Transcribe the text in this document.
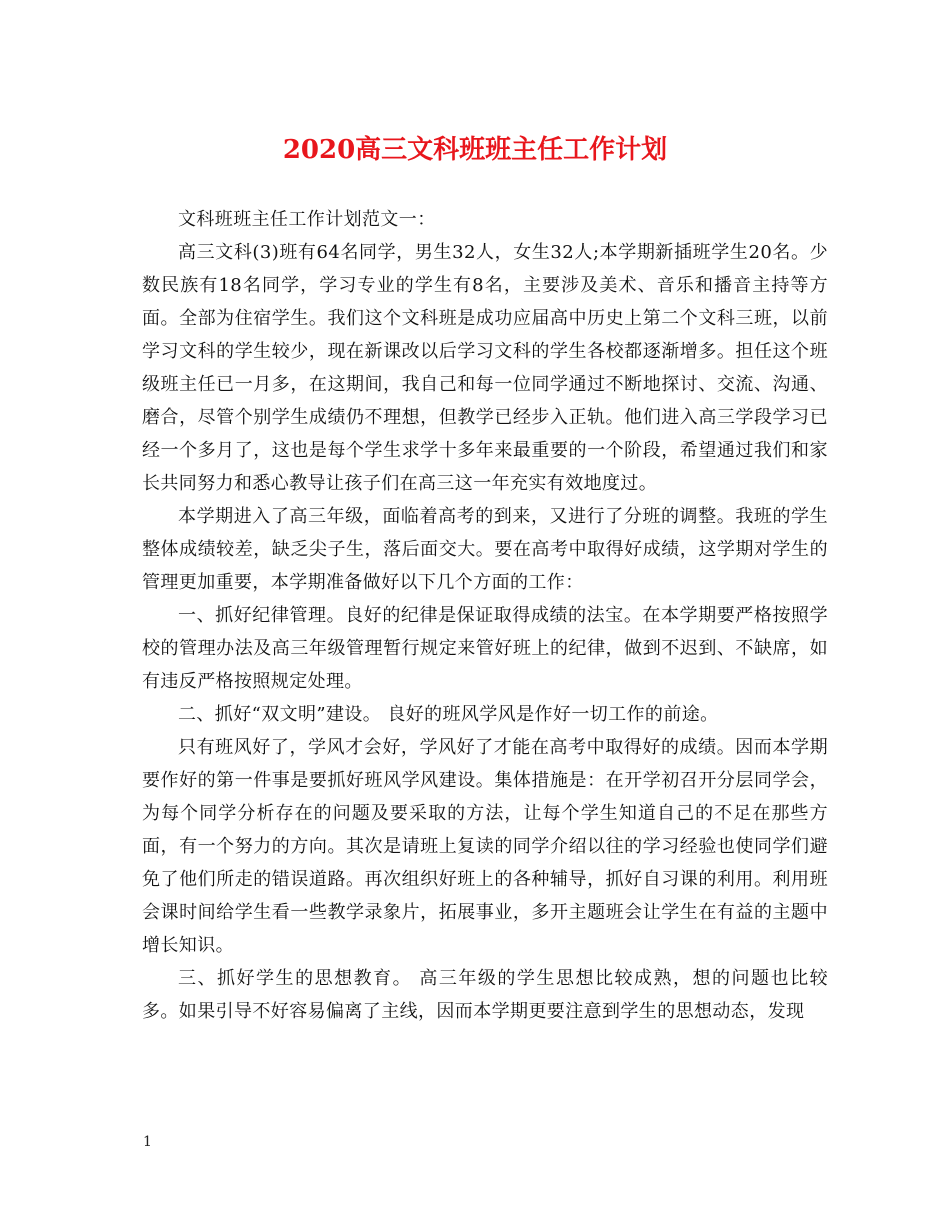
2020高三文科班班主任工作计划

文科班班主任工作计划范文一：

高三文科(3)班有64名同学，男生32人，女生32人;本学期新插班学生20名。少数民族有18名同学，学习专业的学生有8名，主要涉及美术、音乐和播音主持等方面。全部为住宿学生。我们这个文科班是成功应届高中历史上第二个文科三班，以前学习文科的学生较少，现在新课改以后学习文科的学生各校都逐渐增多。担任这个班级班主任已一月多，在这期间，我自己和每一位同学通过不断地探讨、交流、沟通、磨合，尽管个别学生成绩仍不理想，但教学已经步入正轨。他们进入高三学段学习已经一个多月了，这也是每个学生求学十多年来最重要的一个阶段，希望通过我们和家长共同努力和悉心教导让孩子们在高三这一年充实有效地度过。

本学期进入了高三年级，面临着高考的到来，又进行了分班的调整。我班的学生整体成绩较差，缺乏尖子生，落后面交大。要在高考中取得好成绩，这学期对学生的管理更加重要，本学期准备做好以下几个方面的工作：

一、抓好纪律管理。良好的纪律是保证取得成绩的法宝。在本学期要严格按照学校的管理办法及高三年级管理暂行规定来管好班上的纪律，做到不迟到、不缺席，如有违反严格按照规定处理。

二、抓好“双文明”建设。 良好的班风学风是作好一切工作的前途。

只有班风好了，学风才会好，学风好了才能在高考中取得好的成绩。因而本学期要作好的第一件事是要抓好班风学风建设。集体措施是：在开学初召开分层同学会，为每个同学分析存在的问题及要采取的方法，让每个学生知道自己的不足在那些方面，有一个努力的方向。其次是请班上复读的同学介绍以往的学习经验也使同学们避免了他们所走的错误道路。再次组织好班上的各种辅导，抓好自习课的利用。利用班会课时间给学生看一些教学录象片，拓展事业，多开主题班会让学生在有益的主题中增长知识。

三、抓好学生的思想教育。 高三年级的学生思想比较成熟，想的问题也比较多。如果引导不好容易偏离了主线，因而本学期更要注意到学生的思想动态，发现

1
